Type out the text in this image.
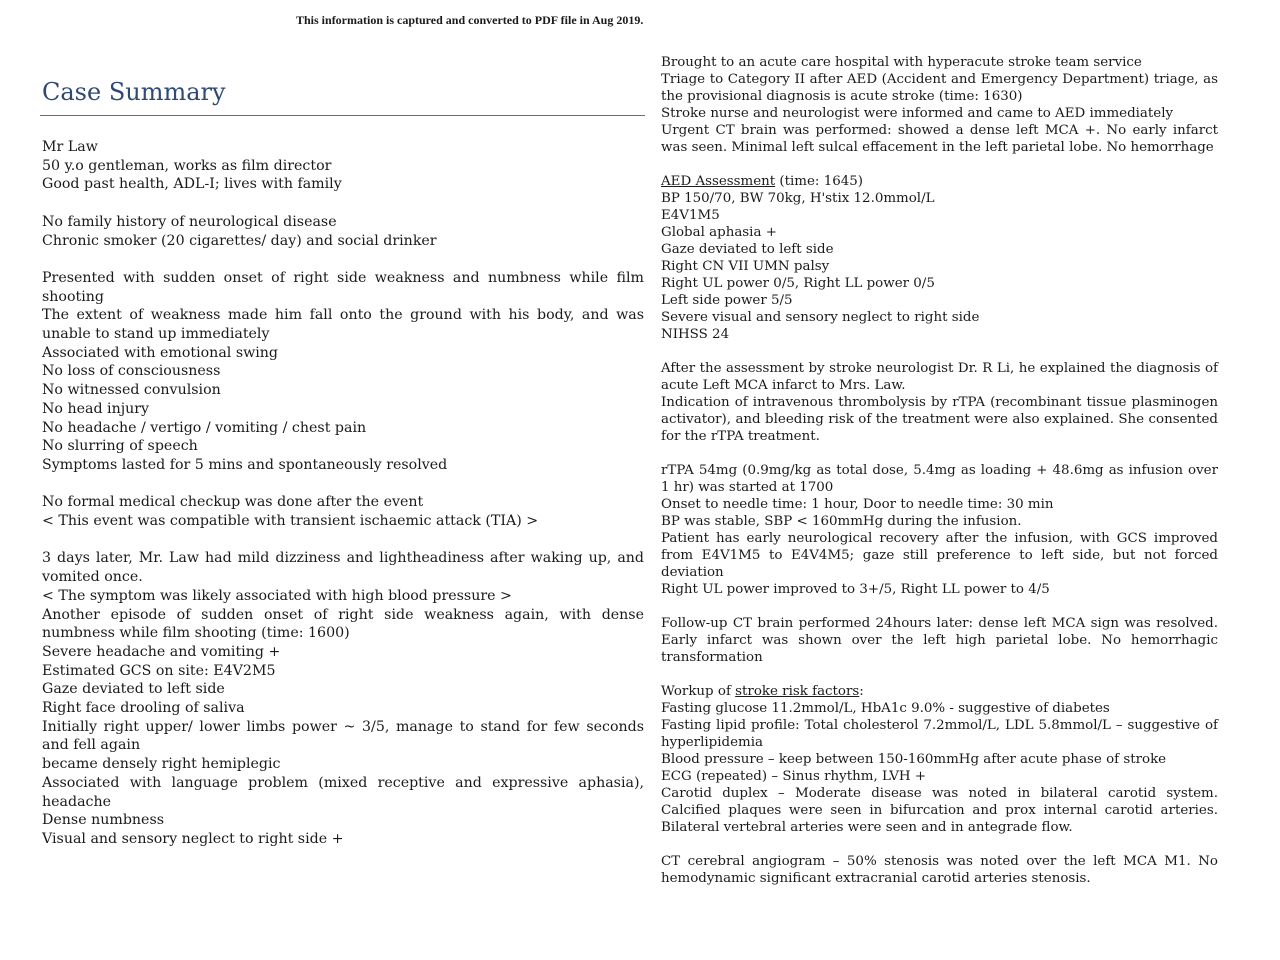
This information is captured and converted to PDF file in Aug 2019.
Case Summary

Mr Law

50 y.o gentleman, works as film director

Good past health, ADL-I; lives with family

No family history of neurological disease

Chronic smoker (20 cigarettes/ day) and social drinker

Presented with sudden onset of right side weakness and numbness while film shooting

The extent of weakness made him fall onto the ground with his body, and was unable to stand up immediately

Associated with emotional swing

No loss of consciousness

No witnessed convulsion

No head injury

No headache / vertigo / vomiting / chest pain

No slurring of speech

Symptoms lasted for 5 mins and spontaneously resolved

No formal medical checkup was done after the event

< This event was compatible with transient ischaemic attack (TIA) >

3 days later, Mr. Law had mild dizziness and lightheadiness after waking up, and vomited once.

< The symptom was likely associated with high blood pressure >

Another episode of sudden onset of right side weakness again, with dense numbness while film shooting (time: 1600)

Severe headache and vomiting +

Estimated GCS on site: E4V2M5

Gaze deviated to left side

Right face drooling of saliva

Initially right upper/ lower limbs power ~ 3/5, manage to stand for few seconds and fell again

became densely right hemiplegic

Associated with language problem (mixed receptive and expressive aphasia), headache

Dense numbness

Visual and sensory neglect to right side +

Brought to an acute care hospital with hyperacute stroke team service

Triage to Category II after AED (Accident and Emergency Department) triage, as the provisional diagnosis is acute stroke (time: 1630)

Stroke nurse and neurologist were informed and came to AED immediately

Urgent CT brain was performed: showed a dense left MCA +. No early infarct was seen. Minimal left sulcal effacement in the left parietal lobe. No hemorrhage

AED Assessment (time: 1645)

BP 150/70, BW 70kg, H'stix 12.0mmol/L

E4V1M5

Global aphasia +

Gaze deviated to left side

Right CN VII UMN palsy

Right UL power 0/5, Right LL power 0/5

Left side power 5/5

Severe visual and sensory neglect to right side

NIHSS 24

After the assessment by stroke neurologist Dr. R Li, he explained the diagnosis of acute Left MCA infarct to Mrs. Law.

Indication of intravenous thrombolysis by rTPA (recombinant tissue plasminogen activator), and bleeding risk of the treatment were also explained. She consented for the rTPA treatment.

rTPA 54mg (0.9mg/kg as total dose, 5.4mg as loading + 48.6mg as infusion over 1 hr) was started at 1700

Onset to needle time: 1 hour, Door to needle time: 30 min

BP was stable, SBP < 160mmHg during the infusion.

Patient has early neurological recovery after the infusion, with GCS improved from E4V1M5 to E4V4M5; gaze still preference to left side, but not forced deviation

Right UL power improved to 3+/5, Right LL power to 4/5

Follow-up CT brain performed 24hours later: dense left MCA sign was resolved. Early infarct was shown over the left high parietal lobe. No hemorrhagic transformation

Workup of stroke risk factors:

Fasting glucose 11.2mmol/L, HbA1c 9.0% - suggestive of diabetes

Fasting lipid profile: Total cholesterol 7.2mmol/L, LDL 5.8mmol/L – suggestive of hyperlipidemia

Blood pressure – keep between 150-160mmHg after acute phase of stroke

ECG (repeated) – Sinus rhythm, LVH +

Carotid duplex – Moderate disease was noted in bilateral carotid system. Calcified plaques were seen in bifurcation and prox internal carotid arteries. Bilateral vertebral arteries were seen and in antegrade flow.

CT cerebral angiogram – 50% stenosis was noted over the left MCA M1. No hemodynamic significant extracranial carotid arteries stenosis.
